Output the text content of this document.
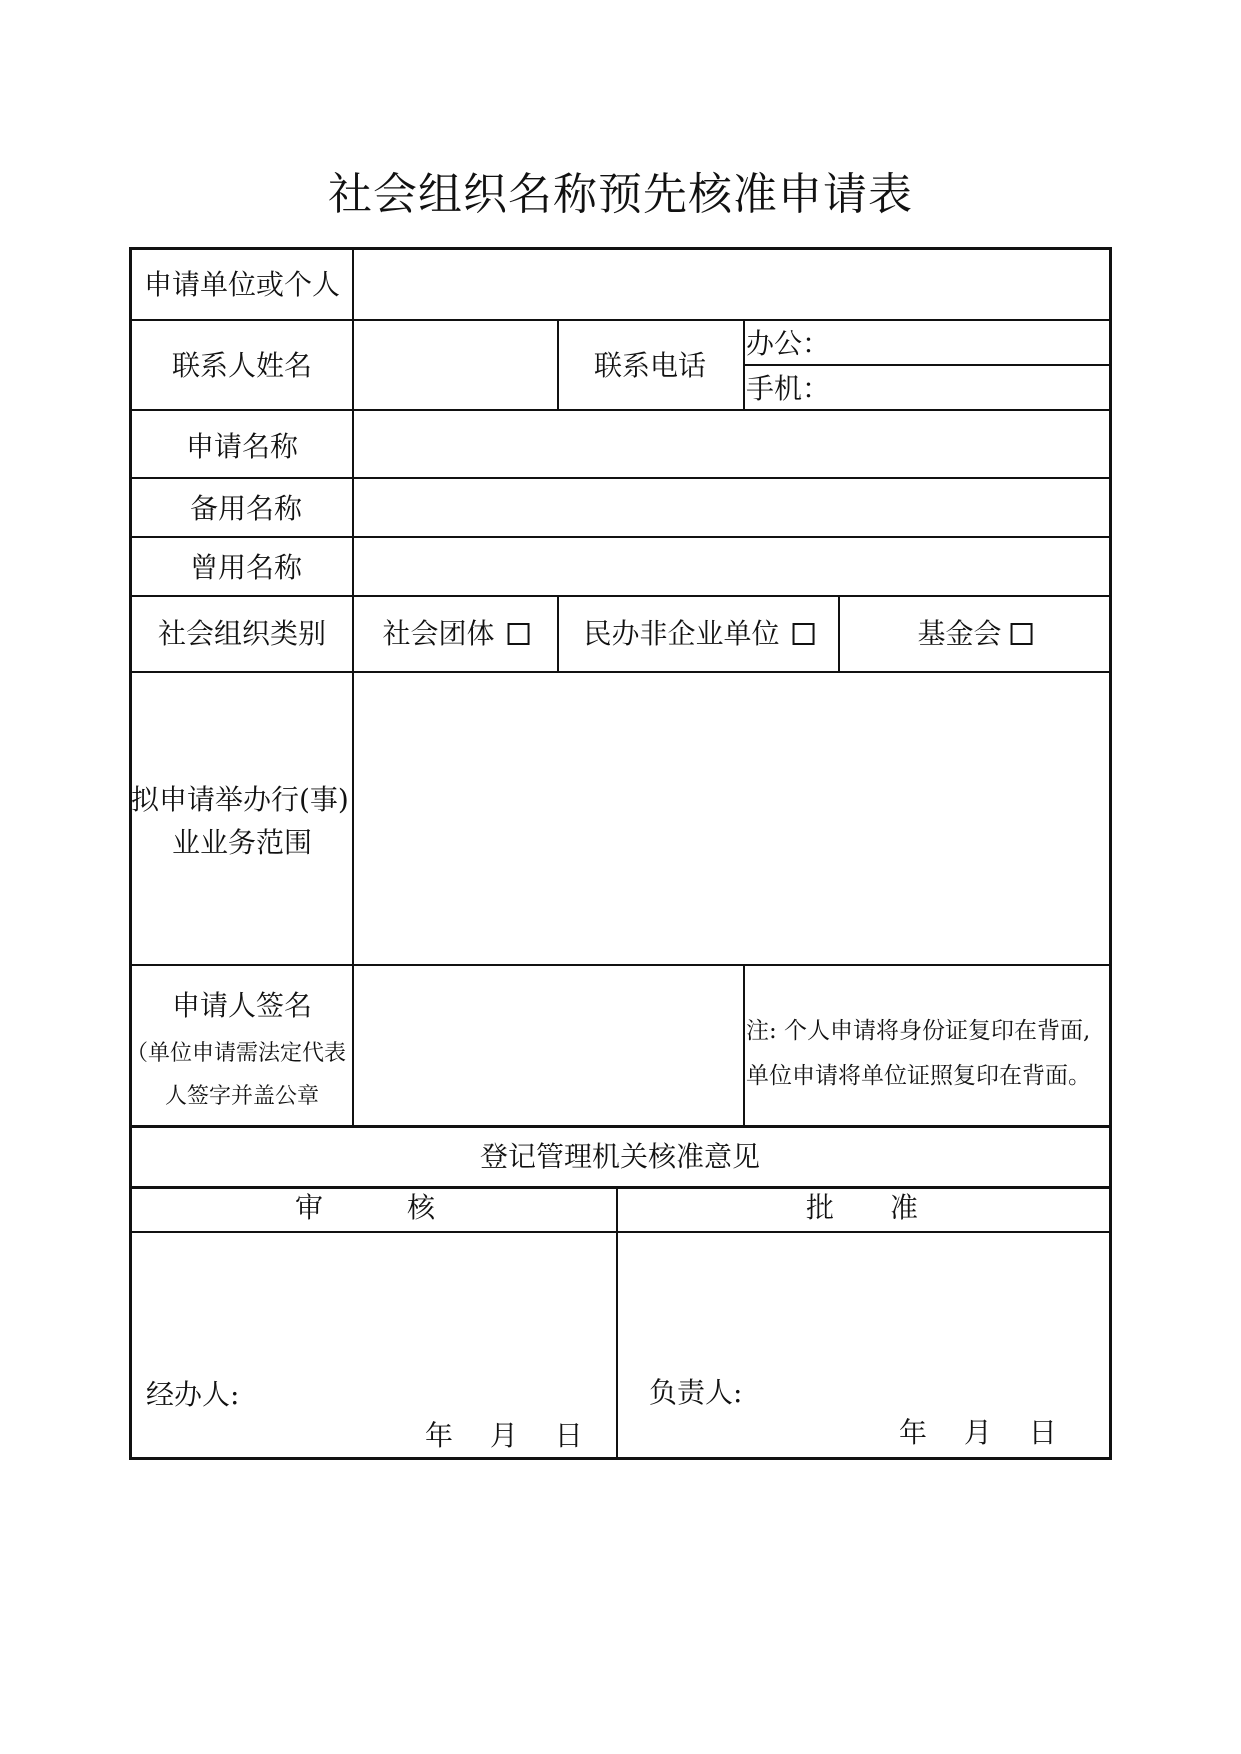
社会组织名称预先核准申请表
申请单位或个人
联系人姓名	联系电话
办公：
手机：
申请名称
备用名称
曾用名称
社会组织类别 社会团体	民办非企业单位	基金会
拟申请举办行(事)
业业务范围
申请人签名
（单位申请需法定代表
人签字并盖公章
注: 个人申请将身份证复印在背面,
单位申请将单位证照复印在背面。
登记管理机关核准意见
审　　　核	批　　准
经办人:
年　 月　 日
负责人:
年　 月　 日
